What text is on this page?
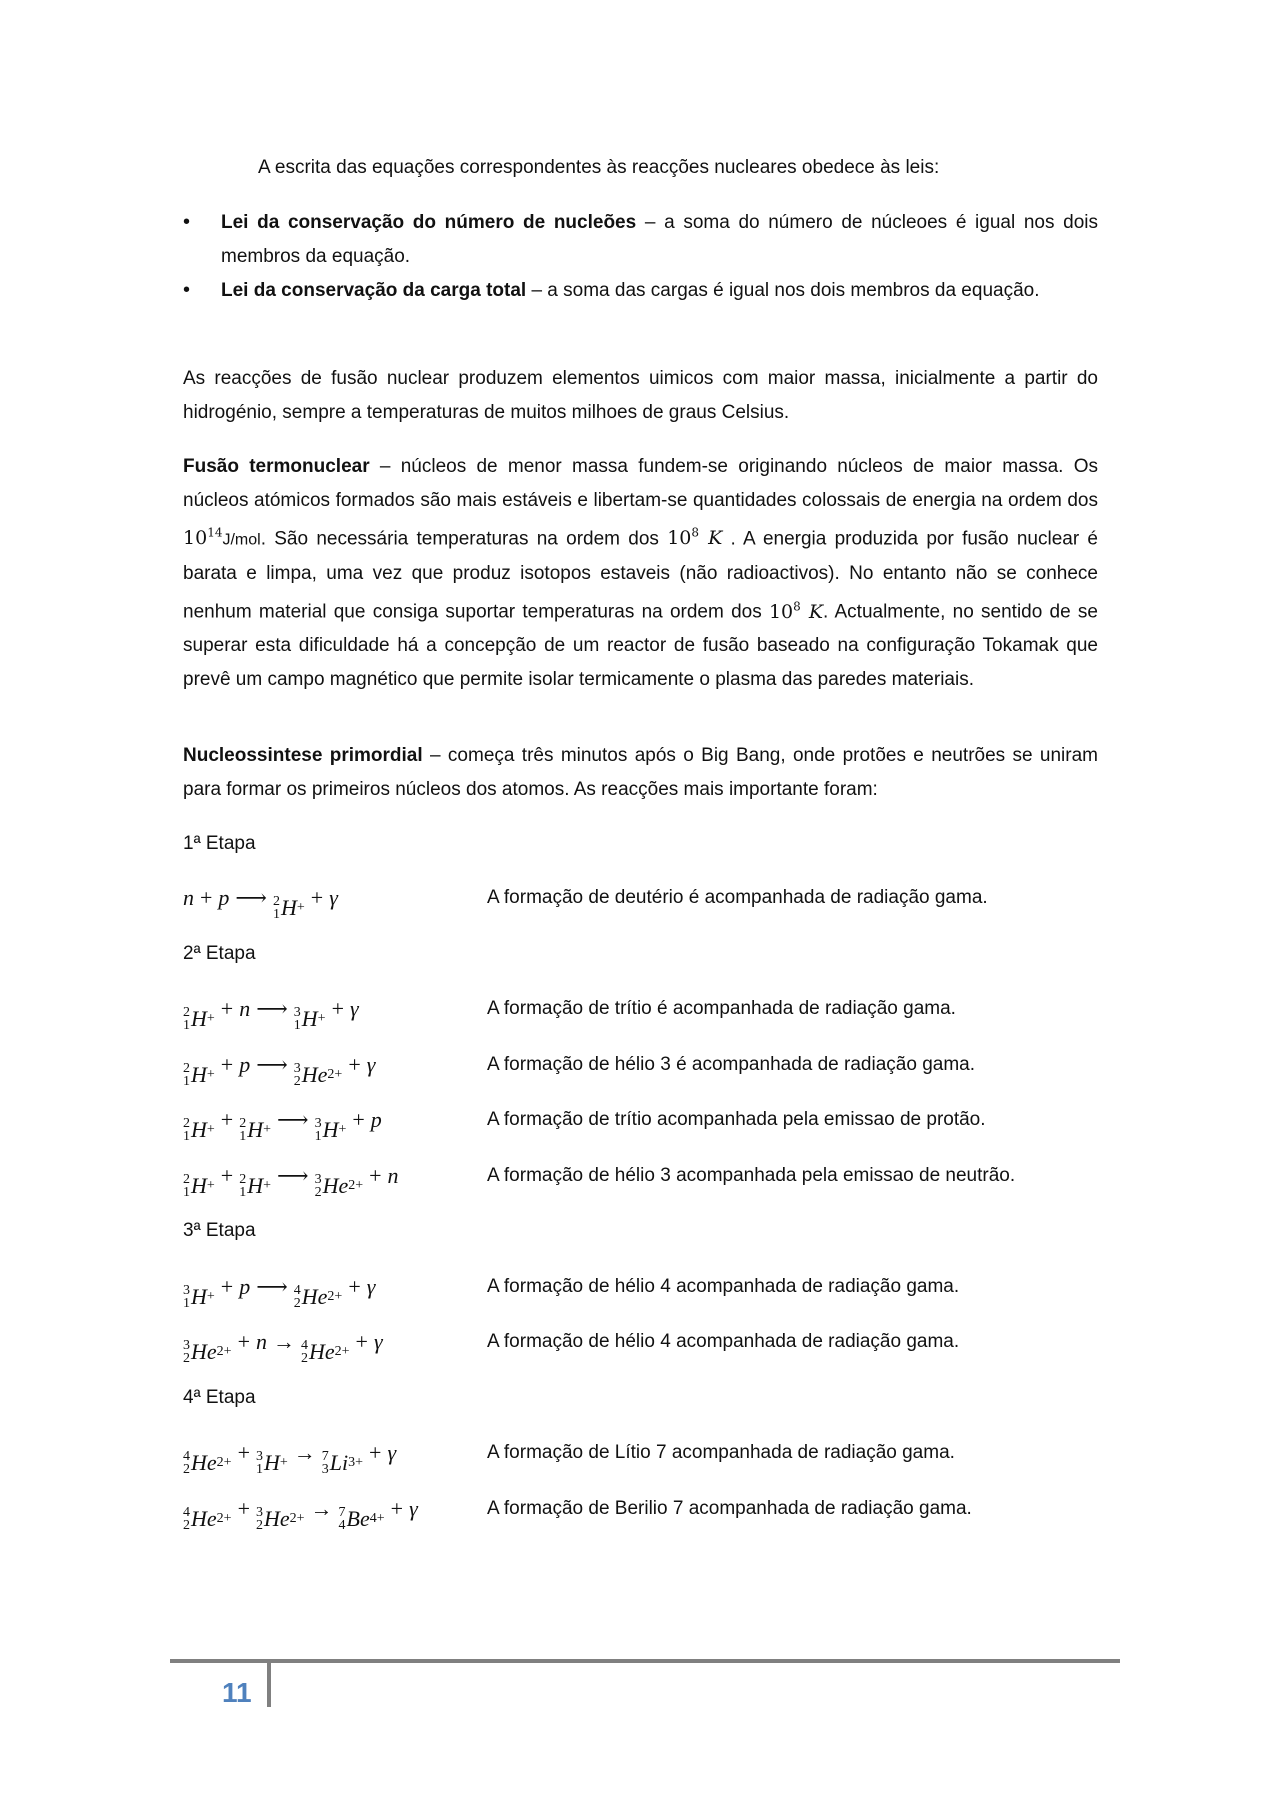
A escrita das equações correspondentes às reacções nucleares obedece às leis:
• Lei da conservação do número de nucleões – a soma do número de núcleoes é igual nos dois membros da equação.
• Lei da conservação da carga total – a soma das cargas é igual nos dois membros da equação.
As reacções de fusão nuclear produzem elementos uimicos com maior massa, inicialmente a partir do hidrogénio, sempre a temperaturas de muitos milhoes de graus Celsius.
Fusão termonuclear – núcleos de menor massa fundem-se originando núcleos de maior massa. Os núcleos atómicos formados são mais estáveis e libertam-se quantidades colossais de energia na ordem dos $10^{14}J$/mol. São necessária temperaturas na ordem dos $10^8$ K . A energia produzida por fusão nuclear é barata e limpa, uma vez que produz isotopos estaveis (não radioactivos). No entanto não se conhece nenhum material que consiga suportar temperaturas na ordem dos $10^8$ K. Actualmente, no sentido de se superar esta dificuldade há a concepção de um reactor de fusão baseado na configuração Tokamak que prevê um campo magnético que permite isolar termicamente o plasma das paredes materiais.
Nucleossintese primordial – começa três minutos após o Big Bang, onde protões e neutrões se uniram para formar os primeiros núcleos dos atomos. As reacções mais importante foram:
1ª Etapa
n + p ⟶ 2
1 H + + γ	A formação de deutério é acompanhada de radiação gama.
2ª Etapa
2
1 H + + n ⟶ 3
1 H + + γ	A formação de trítio é acompanhada de radiação gama.
2
1 H + + p ⟶ 3
2 He 2+ + γ	A formação de hélio 3 é acompanhada de radiação gama.
2
1 H + + 2
1 H + ⟶ 3
1 H + + p	A formação de trítio acompanhada pela emissao de protão.
2
1 H + + 2
1 H + ⟶ 3
2 He 2+ + n	A formação de hélio 3 acompanhada pela emissao de neutrão.
3ª Etapa
3
1 H + + p ⟶ 4
2 He 2+ + γ	A formação de hélio 4 acompanhada de radiação gama.
3
2 He 2+ + n → 4
2 He 2+ + γ	A formação de hélio 4 acompanhada de radiação gama.
4ª Etapa
4
2 He 2+ + 3
1 H + → 7
3 Li 3+ + γ	A formação de Lítio 7 acompanhada de radiação gama.
4
2 He 2+ + 3
2 He 2+ → 7
4 Be 4+ + γ	A formação de Berilio 7 acompanhada de radiação gama.
11
